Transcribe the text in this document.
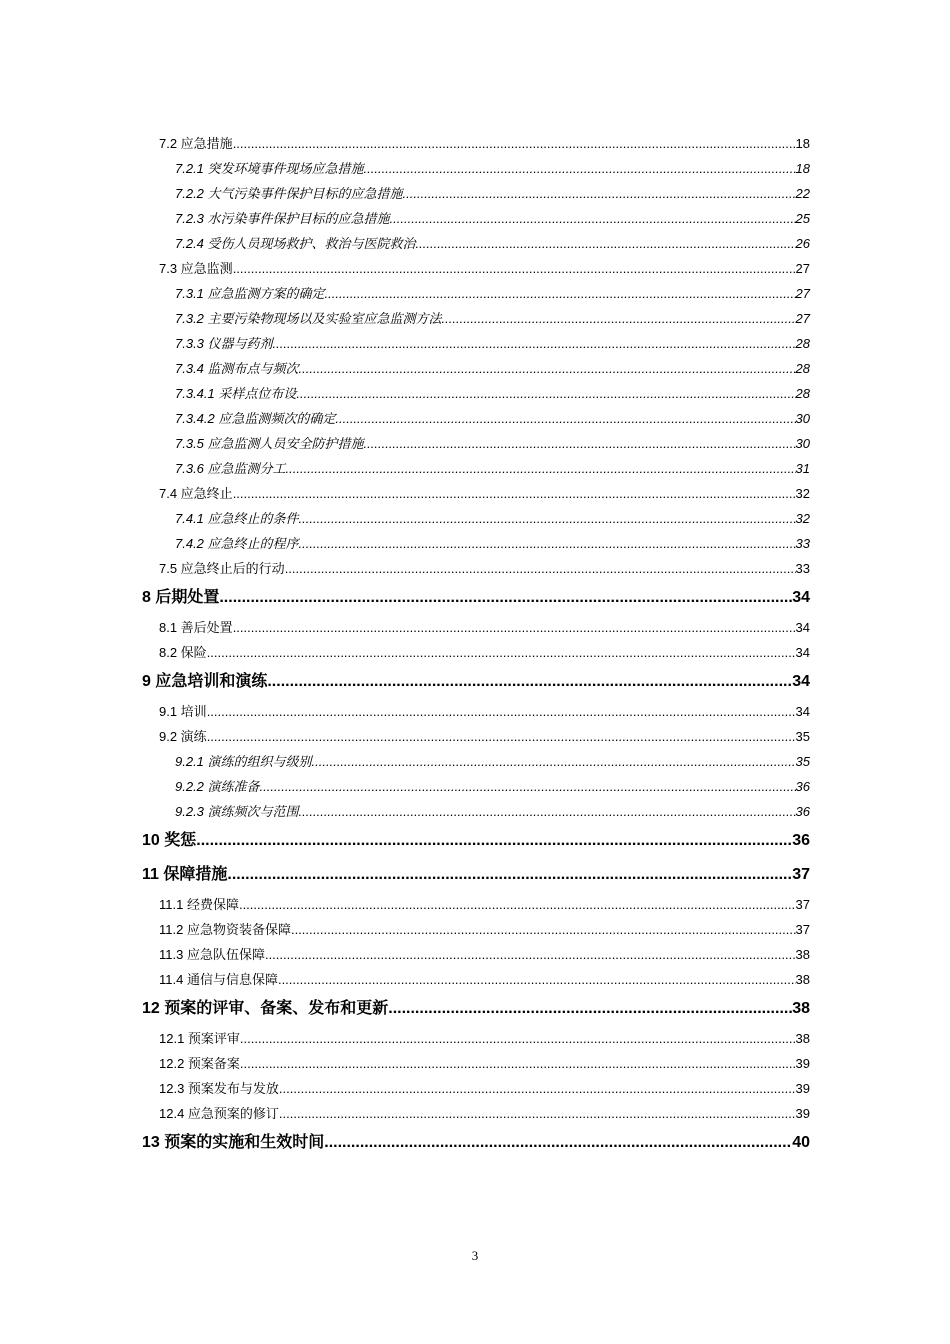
7.2 应急措施 .....	18
7.2.1 突发环境事件现场应急措施 .....	18
7.2.2 大气污染事件保护目标的应急措施 .....	22
7.2.3 水污染事件保护目标的应急措施 .....	25
7.2.4 受伤人员现场救护、救治与医院救治 .....	26
7.3 应急监测 .....	27
7.3.1 应急监测方案的确定 .....	27
7.3.2 主要污染物现场以及实验室应急监测方法 .....	27
7.3.3 仪器与药剂 .....	28
7.3.4 监测布点与频次 .....	28
7.3.4.1 采样点位布设 .....	28
7.3.4.2 应急监测频次的确定 .....	30
7.3.5 应急监测人员安全防护措施 .....	30
7.3.6 应急监测分工 .....	31
7.4 应急终止 .....	32
7.4.1 应急终止的条件 .....	32
7.4.2 应急终止的程序 .....	33
7.5 应急终止后的行动 .....	33
8 后期处置 .....	34
8.1 善后处置 .....	34
8.2 保险 .....	34
9 应急培训和演练 .....	34
9.1 培训 .....	34
9.2 演练 .....	35
9.2.1 演练的组织与级别 .....	35
9.2.2 演练准备 .....	36
9.2.3 演练频次与范围 .....	36
10 奖惩 .....	36
11 保障措施 .....	37
11.1 经费保障 .....	37
11.2 应急物资装备保障 .....	37
11.3 应急队伍保障 .....	38
11.4 通信与信息保障 .....	38
12 预案的评审、备案、发布和更新 .....	38
12.1 预案评审 .....	38
12.2 预案备案 .....	39
12.3 预案发布与发放 .....	39
12.4 应急预案的修订 .....	39
13 预案的实施和生效时间 .....	40
3
